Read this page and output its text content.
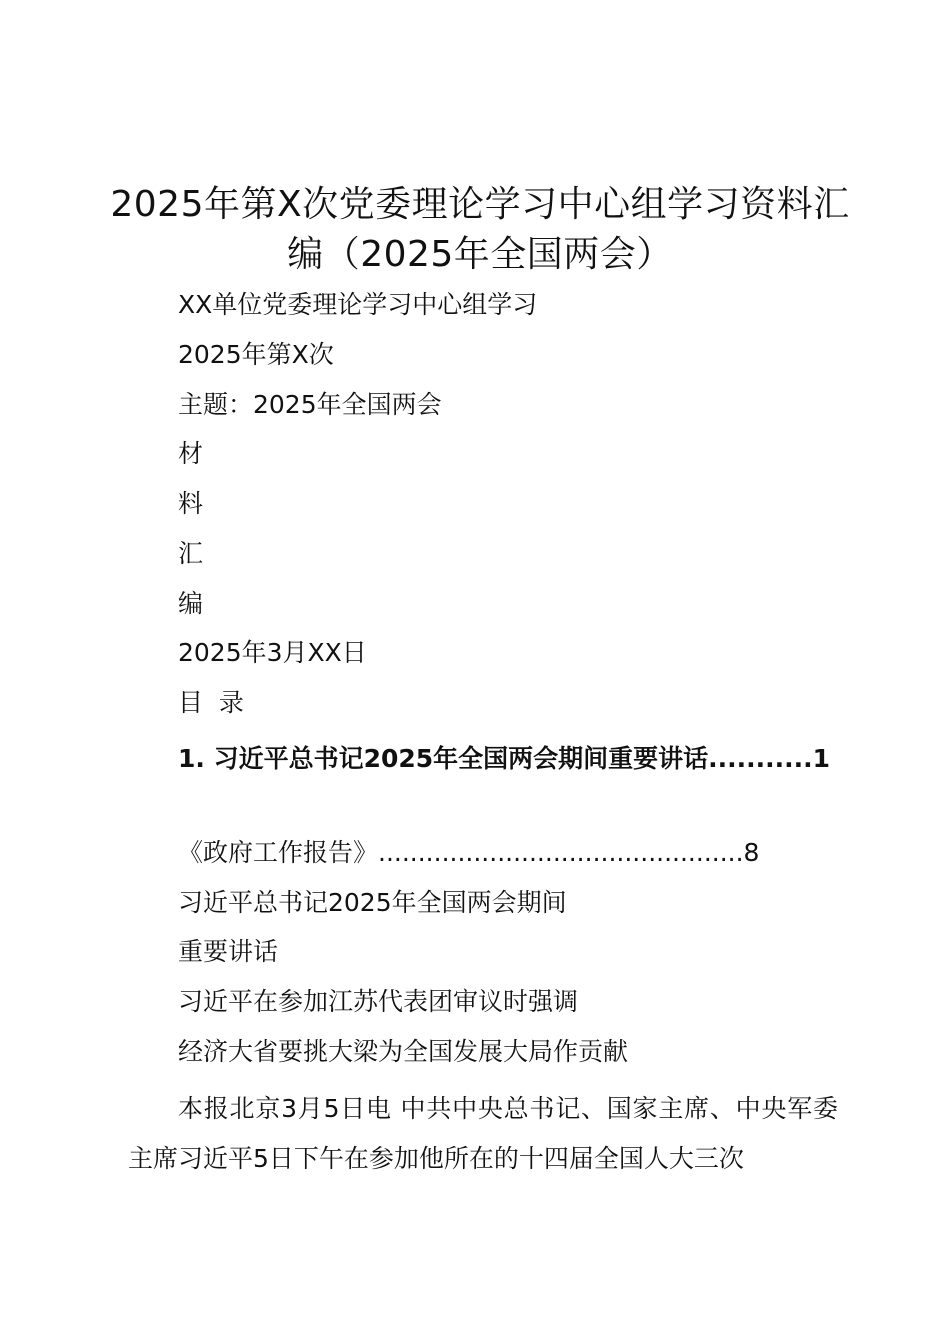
2025年第X次党委理论学习中心组学习资料汇编（2025年全国两会）
XX单位党委理论学习中心组学习
2025年第X次
主题：2025年全国两会
材
料
汇
编
2025年3月XX日
目  录
1. 习近平总书记2025年全国两会期间重要讲话...........1
《政府工作报告》..............................................8
习近平总书记2025年全国两会期间
重要讲话
习近平在参加江苏代表团审议时强调
经济大省要挑大梁为全国发展大局作贡献
本报北京3月5日电 中共中央总书记、国家主席、中央军委主席习近平5日下午在参加他所在的十四届全国人大三次
